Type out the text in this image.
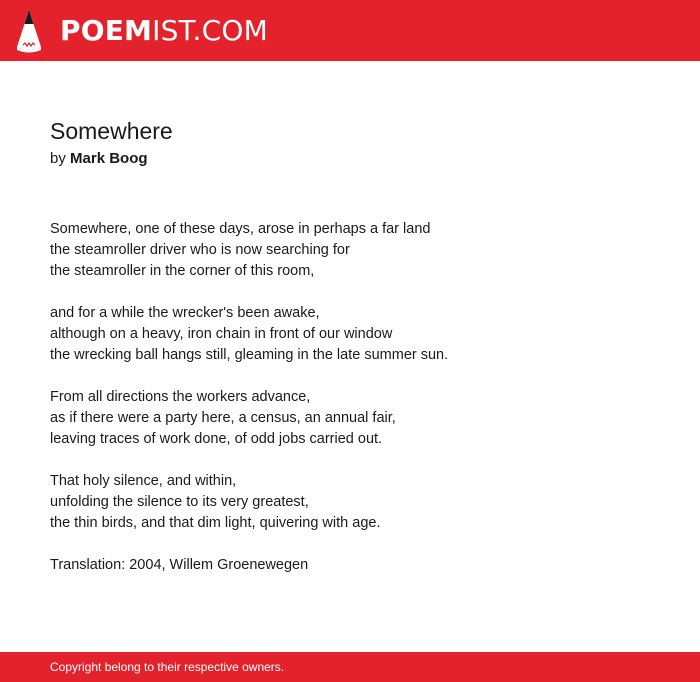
POEMIST.COM
Somewhere
by Mark Boog
Somewhere, one of these days, arose in perhaps a far land
the steamroller driver who is now searching for
the steamroller in the corner of this room,
and for a while the wrecker's been awake,
although on a heavy, iron chain in front of our window
the wrecking ball hangs still, gleaming in the late summer sun.
From all directions the workers advance,
as if there were a party here, a census, an annual fair,
leaving traces of work done, of odd jobs carried out.
That holy silence, and within,
unfolding the silence to its very greatest,
the thin birds, and that dim light, quivering with age.
Translation: 2004, Willem Groenewegen
Copyright belong to their respective owners.
